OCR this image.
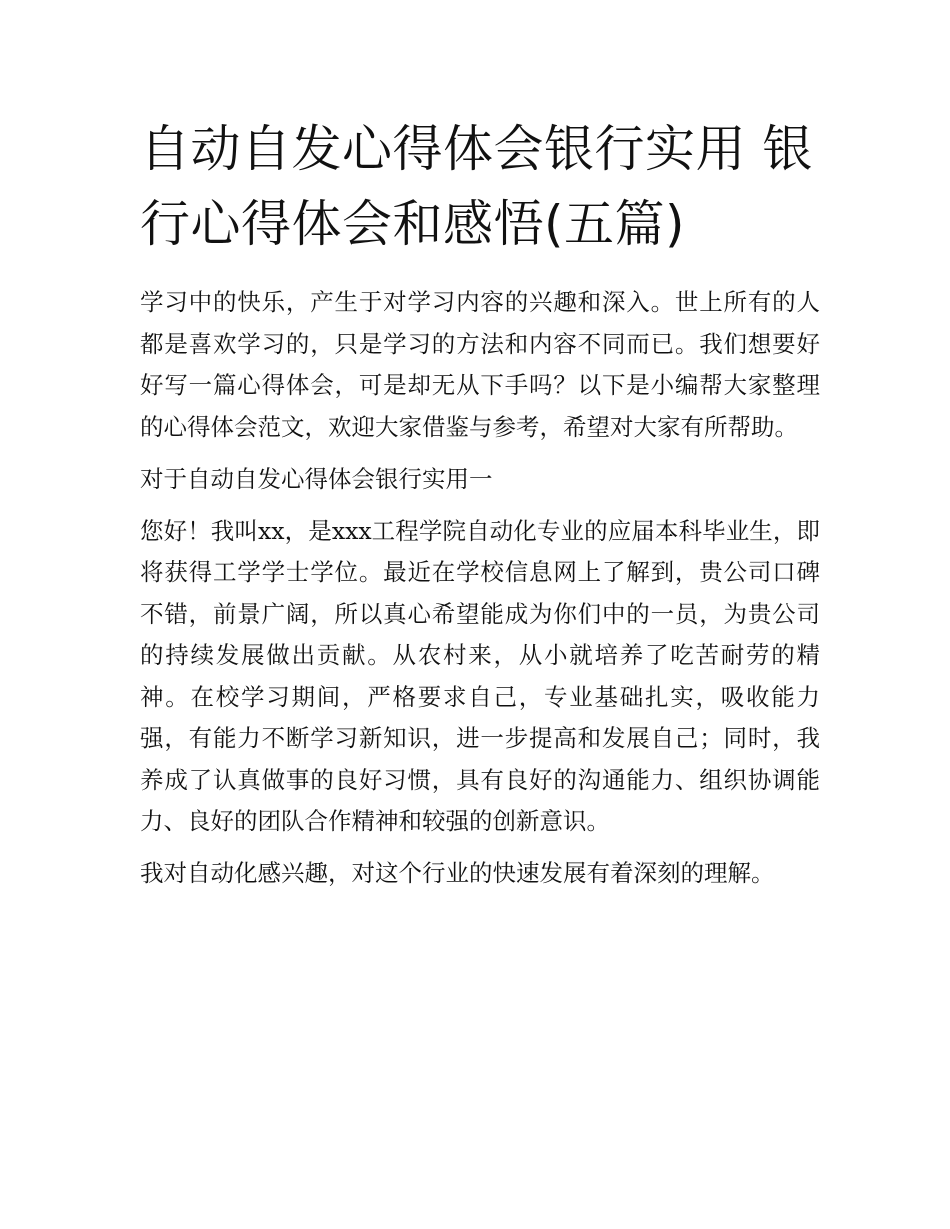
自动自发心得体会银行实用 银行心得体会和感悟(五篇)

学习中的快乐，产生于对学习内容的兴趣和深入。世上所有的人都是喜欢学习的，只是学习的方法和内容不同而已。我们想要好好写一篇心得体会，可是却无从下手吗？以下是小编帮大家整理的心得体会范文，欢迎大家借鉴与参考，希望对大家有所帮助。

对于自动自发心得体会银行实用一

您好！我叫xx，是xxx工程学院自动化专业的应届本科毕业生，即将获得工学学士学位。最近在学校信息网上了解到，贵公司口碑不错，前景广阔，所以真心希望能成为你们中的一员，为贵公司的持续发展做出贡献。从农村来，从小就培养了吃苦耐劳的精神。在校学习期间，严格要求自己，专业基础扎实，吸收能力强，有能力不断学习新知识，进一步提高和发展自己；同时，我养成了认真做事的良好习惯，具有良好的沟通能力、组织协调能力、良好的团队合作精神和较强的创新意识。

我对自动化感兴趣，对这个行业的快速发展有着深刻的理解。
